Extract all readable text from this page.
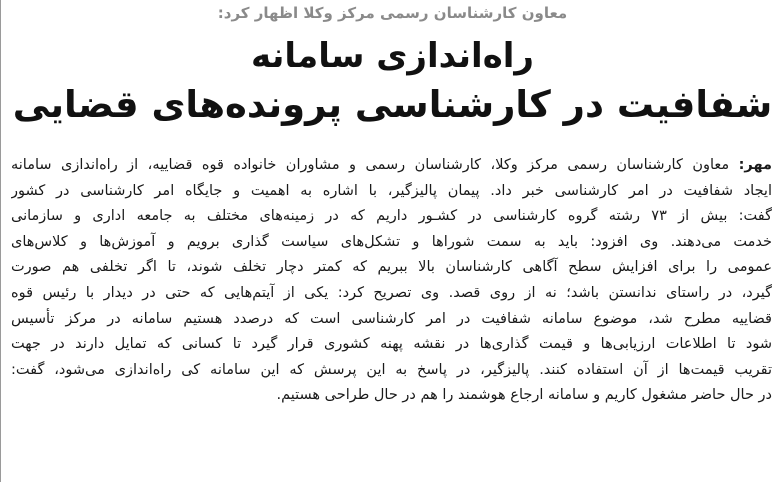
معاون کارشناسان رسمی مرکز وکلا اظهار کرد:
راه‌اندازی سامانه
شفافیت در کارشناسی پرونده‌های قضایی
مهر: معاون کارشناسان رسمی مرکز وکلا، کارشناسان رسمی و مشاوران خانواده قوه قضاییه، از راه‌اندازی سامانه
ایجاد شفافیت در امر کارشناسی خبر داد. پیمان پالیزگیر، با اشاره به اهمیت و جایگاه امر کارشناسی در کشور
گفت: بیش از ۷۳ رشته گروه کارشناسی در کشـور داریم که در زمینه‌های مختلف به جامعه اداری و سازمانی
خدمت می‌دهند. وی افزود: باید به سمت شوراها و تشکل‌های سیاست گذاری برویم و آموزش‌ها و کلاس‌های
عمومی را برای افزایش سطح آگاهی کارشناسان بالا ببریم که کمتر دچار تخلف شوند، تا اگر تخلفی هم صورت
گیرد، در راستای ندانستن باشد؛ نه از روی قصد. وی تصریح کرد: یکی از آیتم‌هایی که حتی در دیدار با رئیس قوه
قضاییه مطرح شد، موضوع سامانه شفافیت در امر کارشناسی است که درصدد هستیم سامانه در مرکز تأسیس
شود تا اطلاعات ارزیابی‌ها و قیمت گذاری‌ها در نقشه پهنه کشوری قرار گیرد تا کسانی که تمایل دارند در جهت
تقریب قیمت‌ها از آن استفاده کنند. پالیزگیر، در پاسخ به این پرسش که این سامانه کی راه‌اندازی می‌شود، گفت:
در حال حاضر مشغول کاریم و سامانه ارجاع هوشمند را هم در حال طراحی هستیم.
